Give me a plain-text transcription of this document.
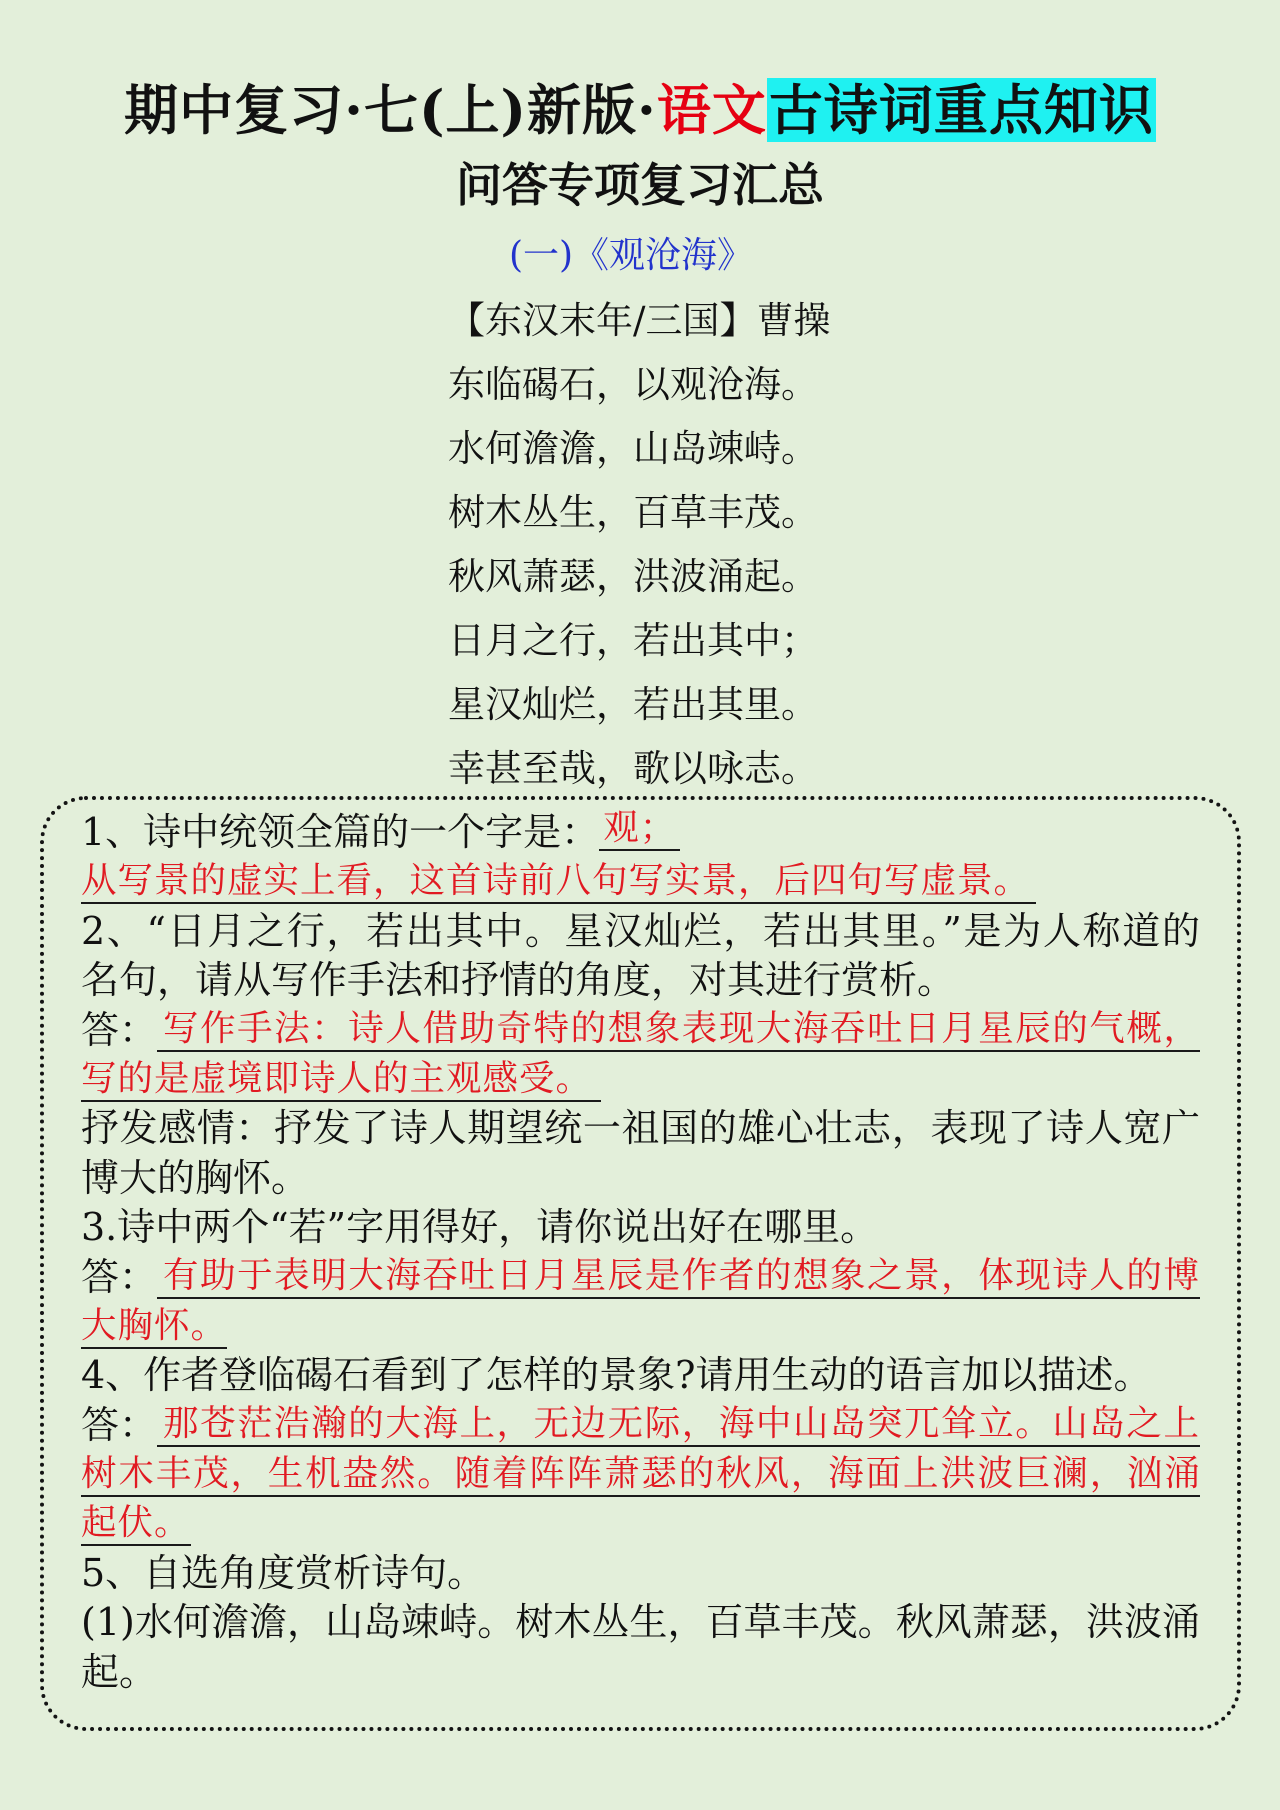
期中复习·七(上)新版·语文古诗词重点知识
问答专项复习汇总
(一)《观沧海》
【东汉末年/三国】曹操
东临碣石，以观沧海。
水何澹澹，山岛竦峙。
树木丛生，百草丰茂。
秋风萧瑟，洪波涌起。
日月之行，若出其中；
星汉灿烂，若出其里。
幸甚至哉，歌以咏志。
1、诗中统领全篇的一个字是： 观；
从写景的虚实上看，这首诗前八句写实景，后四句写虚景。
2、“日月之行，若出其中。星汉灿烂，若出其里。”是为人称道的
名句，请从写作手法和抒情的角度，对其进行赏析。
答： 写作手法：诗人借助奇特的想象表现大海吞吐日月星辰的气概，
写的是虚境即诗人的主观感受。
抒发感情：抒发了诗人期望统一祖国的雄心壮志，表现了诗人宽广
博大的胸怀。
3.诗中两个“若”字用得好，请你说出好在哪里。
答： 有助于表明大海吞吐日月星辰是作者的想象之景，体现诗人的博
大胸怀。
4、作者登临碣石看到了怎样的景象?请用生动的语言加以描述。
答： 那苍茫浩瀚的大海上，无边无际，海中山岛突兀耸立。山岛之上
树木丰茂，生机盎然。随着阵阵萧瑟的秋风，海面上洪波巨澜，汹涌
起伏。
5、自选角度赏析诗句。
(1)水何澹澹，山岛竦峙。树木丛生，百草丰茂。秋风萧瑟，洪波涌
起。
